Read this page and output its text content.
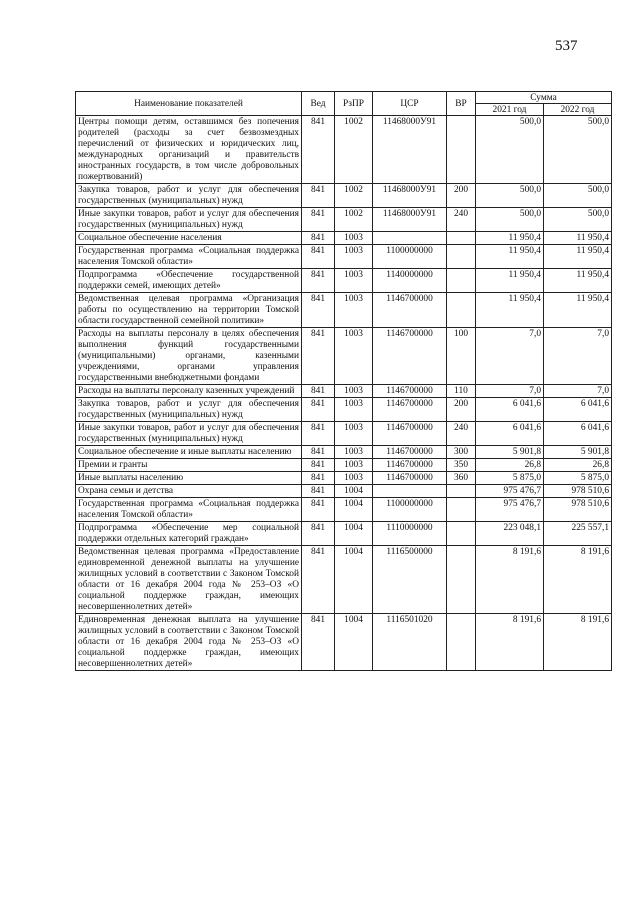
537
Наименование показателей	Вед	РзПР	ЦСР	ВР	Сумма	
					2021 год	2022 год
Центры помощи детям, оставшимся без попечения родителей (расходы за счет безвозмездных перечислений от физических и юридических лиц, международных организаций и правительств иностранных государств, в том числе добровольных пожертвований)	841	1002	11468000У91		500,0	500,0
Закупка товаров, работ и услуг для обеспечения государственных (муниципальных) нужд	841	1002	11468000У91	200	500,0	500,0
Иные закупки товаров, работ и услуг для обеспечения государственных (муниципальных) нужд	841	1002	11468000У91	240	500,0	500,0
Социальное обеспечение населения	841	1003			11 950,4	11 950,4
Государственная программа «Социальная поддержка населения Томской области»	841	1003	1100000000		11 950,4	11 950,4
Подпрограмма «Обеспечение государственной поддержки семей, имеющих детей»	841	1003	1140000000		11 950,4	11 950,4
Ведомственная целевая программа «Организация работы по осуществлению на территории Томской области государственной семейной политики»	841	1003	1146700000		11 950,4	11 950,4
Расходы на выплаты персоналу в целях обеспечения выполнения функций государственными (муниципальными) органами, казенными учреждениями, органами управления государственными внебюджетными фондами	841	1003	1146700000	100	7,0	7,0
Расходы на выплаты персоналу казенных учреждений	841	1003	1146700000	110	7,0	7,0
Закупка товаров, работ и услуг для обеспечения государственных (муниципальных) нужд	841	1003	1146700000	200	6 041,6	6 041,6
Иные закупки товаров, работ и услуг для обеспечения государственных (муниципальных) нужд	841	1003	1146700000	240	6 041,6	6 041,6
Социальное обеспечение и иные выплаты населению	841	1003	1146700000	300	5 901,8	5 901,8
Премии и гранты	841	1003	1146700000	350	26,8	26,8
Иные выплаты населению	841	1003	1146700000	360	5 875,0	5 875,0
Охрана семьи и детства	841	1004			975 476,7	978 510,6
Государственная программа «Социальная поддержка населения Томской области»	841	1004	1100000000		975 476,7	978 510,6
Подпрограмма «Обеспечение мер социальной поддержки отдельных категорий граждан»	841	1004	1110000000		223 048,1	225 557,1
Ведомственная целевая программа «Предоставление единовременной денежной выплаты на улучшение жилищных условий в соответствии с Законом Томской области от 16 декабря 2004 года № 253–ОЗ «О социальной поддержке граждан, имеющих несовершеннолетних детей»	841	1004	1116500000		8 191,6	8 191,6
Единовременная денежная выплата на улучшение жилищных условий в соответствии с Законом Томской области от 16 декабря 2004 года № 253–ОЗ «О социальной поддержке граждан, имеющих несовершеннолетних детей»	841	1004	1116501020		8 191,6	8 191,6
